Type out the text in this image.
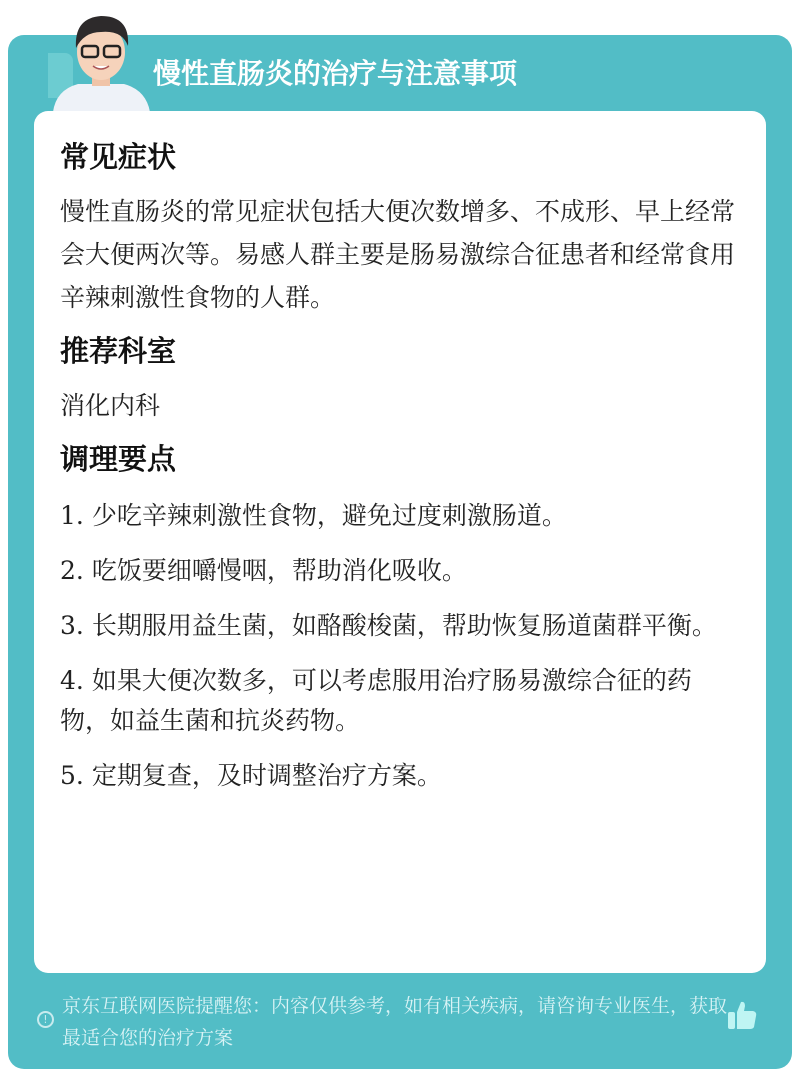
慢性直肠炎的治疗与注意事项
常见症状

慢性直肠炎的常见症状包括大便次数增多、不成形、早上经常会大便两次等。易感人群主要是肠易激综合征患者和经常食用辛辣刺激性食物的人群。

推荐科室

消化内科

调理要点
1. 少吃辛辣刺激性食物，避免过度刺激肠道。
2. 吃饭要细嚼慢咽，帮助消化吸收。
3. 长期服用益生菌，如酪酸梭菌，帮助恢复肠道菌群平衡。
4. 如果大便次数多，可以考虑服用治疗肠易激综合征的药物，如益生菌和抗炎药物。
5. 定期复查，及时调整治疗方案。
!
京东互联网医院提醒您：内容仅供参考，如有相关疾病，请咨询专业医生，获取最适合您的治疗方案
